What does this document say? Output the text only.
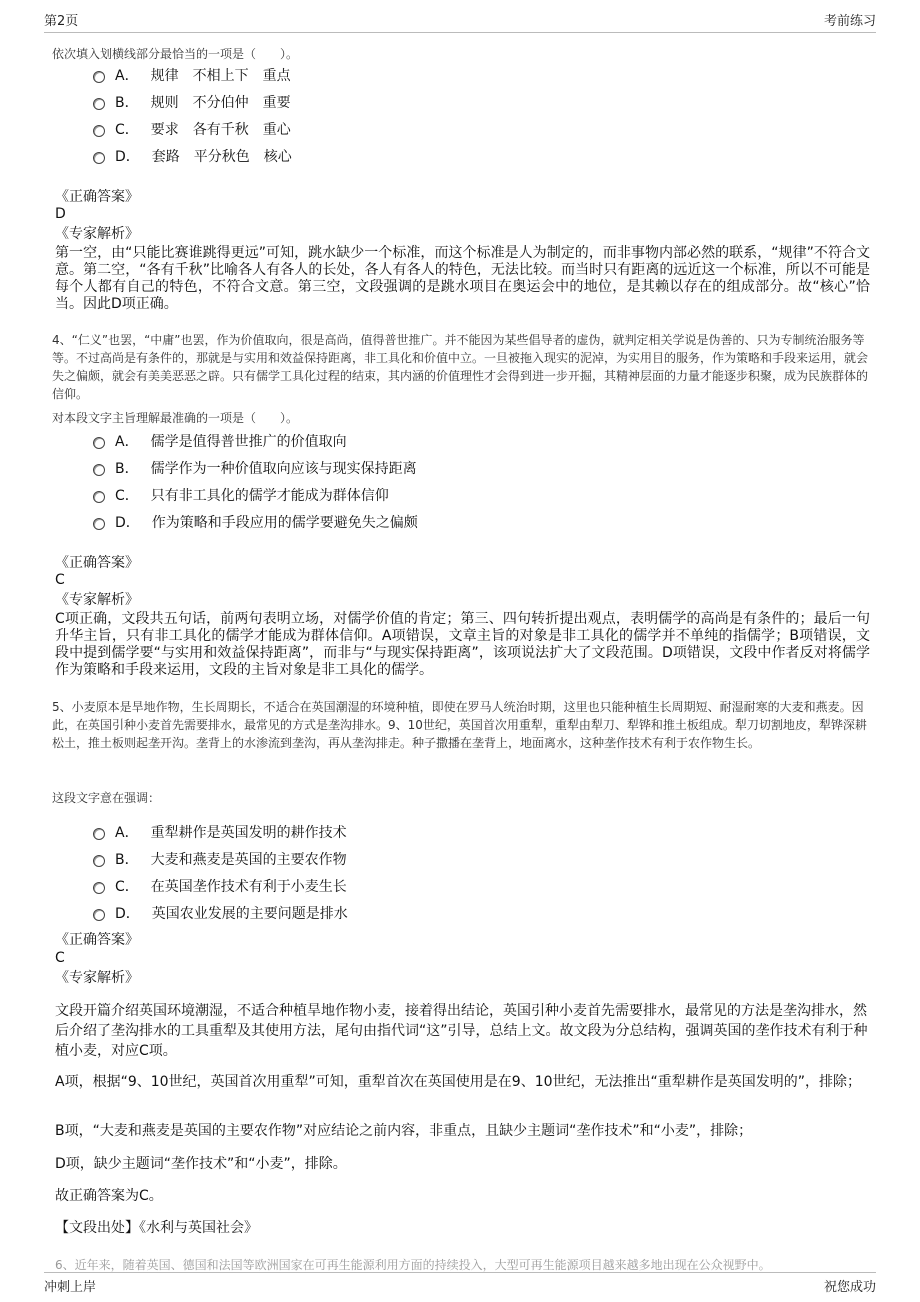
第2页	考前练习
依次填入划横线部分最恰当的一项是（　　）。
A． 规律　不相上下　重点
B． 规则　不分伯仲　重要
C． 要求　各有千秋　重心
D． 套路　平分秋色　核心
《正确答案》
D
《专家解析》
第一空，由“只能比赛谁跳得更远”可知，跳水缺少一个标准，而这个标准是人为制定的，而非事物内部必然的联系，“规律”不符合文意。第二空，“各有千秋”比喻各人有各人的长处，各人有各人的特色，无法比较。而当时只有距离的远近这一个标准，所以不可能是每个人都有自己的特色，不符合文意。第三空，文段强调的是跳水项目在奥运会中的地位，是其赖以存在的组成部分。故“核心”恰当。因此D项正确。
4、“仁义”也罢，“中庸”也罢，作为价值取向，很是高尚，值得普世推广。并不能因为某些倡导者的虚伪，就判定相关学说是伪善的、只为专制统治服务等等。不过高尚是有条件的，那就是与实用和效益保持距离，非工具化和价值中立。一旦被拖入现实的泥淖，为实用目的服务，作为策略和手段来运用，就会失之偏颇，就会有美美恶恶之辟。只有儒学工具化过程的结束，其内涵的价值理性才会得到进一步开掘，其精神层面的力量才能逐步积聚，成为民族群体的信仰。
对本段文字主旨理解最准确的一项是（　　）。
A． 儒学是值得普世推广的价值取向
B． 儒学作为一种价值取向应该与现实保持距离
C． 只有非工具化的儒学才能成为群体信仰
D． 作为策略和手段应用的儒学要避免失之偏颇
《正确答案》
C
《专家解析》
C项正确，文段共五句话，前两句表明立场，对儒学价值的肯定；第三、四句转折提出观点，表明儒学的高尚是有条件的；最后一句升华主旨，只有非工具化的儒学才能成为群体信仰。A项错误，文章主旨的对象是非工具化的儒学并不单纯的指儒学；B项错误，文段中提到儒学要“与实用和效益保持距离”，而非与“与现实保持距离”，该项说法扩大了文段范围。D项错误，文段中作者反对将儒学作为策略和手段来运用，文段的主旨对象是非工具化的儒学。
5、小麦原本是旱地作物，生长周期长，不适合在英国潮湿的环境种植，即使在罗马人统治时期，这里也只能种植生长周期短、耐湿耐寒的大麦和燕麦。因此，在英国引种小麦首先需要排水，最常见的方式是垄沟排水。9、10世纪，英国首次用重犁，重犁由犁刀、犁铧和推土板组成。犁刀切割地皮，犁铧深耕松土，推土板则起垄开沟。垄背上的水渗流到垄沟，再从垄沟排走。种子撒播在垄背上，地面离水，这种垄作技术有利于农作物生长。
这段文字意在强调：
A． 重犁耕作是英国发明的耕作技术
B． 大麦和燕麦是英国的主要农作物
C． 在英国垄作技术有利于小麦生长
D． 英国农业发展的主要问题是排水
《正确答案》
C
《专家解析》
文段开篇介绍英国环境潮湿，不适合种植旱地作物小麦，接着得出结论，英国引种小麦首先需要排水，最常见的方法是垄沟排水，然后介绍了垄沟排水的工具重犁及其使用方法，尾句由指代词“这”引导，总结上文。故文段为分总结构，强调英国的垄作技术有利于种植小麦，对应C项。
A项，根据“9、10世纪，英国首次用重犁”可知，重犁首次在英国使用是在9、10世纪，无法推出“重犁耕作是英国发明的”，排除；
B项，“大麦和燕麦是英国的主要农作物”对应结论之前内容，非重点，且缺少主题词“垄作技术”和“小麦”，排除；
D项，缺少主题词“垄作技术”和“小麦”，排除。
故正确答案为C。
【文段出处】《水利与英国社会》
6、近年来，随着英国、德国和法国等欧洲国家在可再生能源利用方面的持续投入，大型可再生能源项目越来越多地出现在公众视野中。
冲刺上岸	祝您成功
